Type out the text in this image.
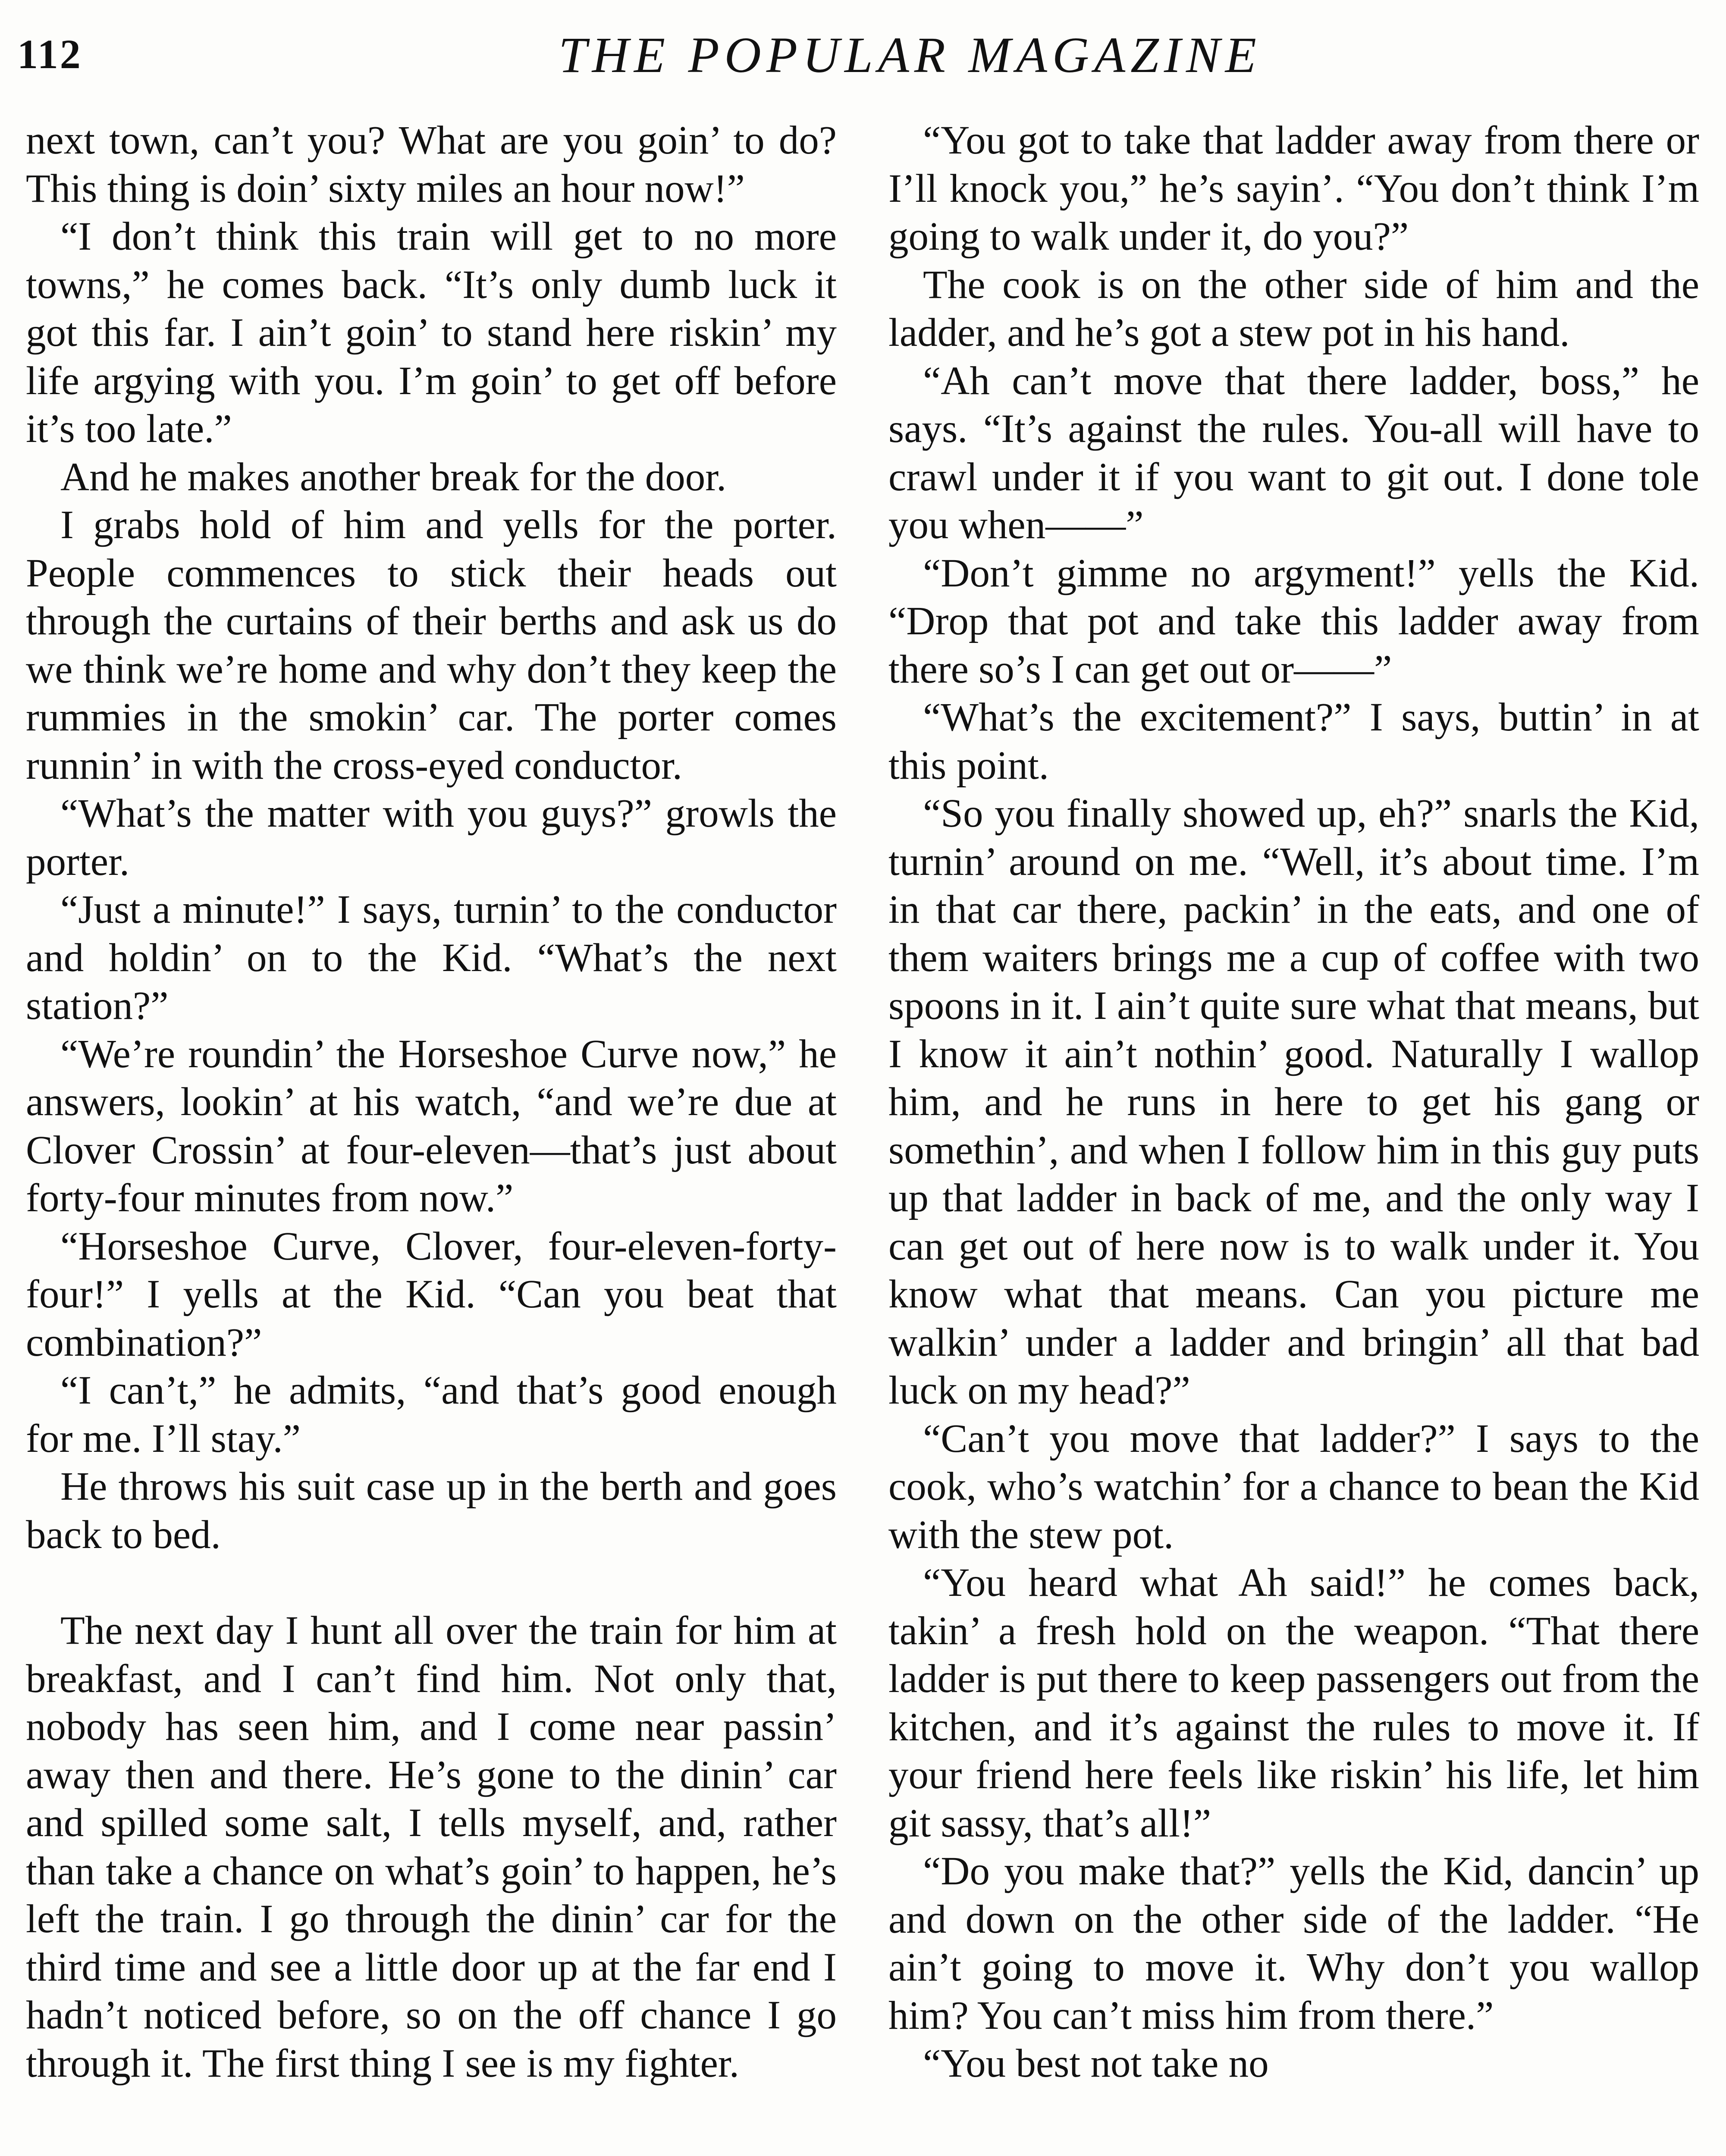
112	THE POPULAR MAGAZINE

next town, can’t you? What are you goin’ to do? This thing is doin’ sixty miles an hour now!”

“I don’t think this train will get to no more towns,” he comes back. “It’s only dumb luck it got this far. I ain’t goin’ to stand here riskin’ my life argying with you. I’m goin’ to get off before it’s too late.”

And he makes another break for the door.

I grabs hold of him and yells for the porter. People commences to stick their heads out through the curtains of their berths and ask us do we think we’re home and why don’t they keep the rummies in the smokin’ car. The porter comes runnin’ in with the cross-eyed conductor.

“What’s the matter with you guys?” growls the porter.

“Just a minute!” I says, turnin’ to the conductor and holdin’ on to the Kid. “What’s the next station?”

“We’re roundin’ the Horseshoe Curve now,” he answers, lookin’ at his watch, “and we’re due at Clover Crossin’ at four-eleven—that’s just about forty-four minutes from now.”

“Horseshoe Curve, Clover, four-eleven-forty-four!” I yells at the Kid. “Can you beat that combination?”

“I can’t,” he admits, “and that’s good enough for me. I’ll stay.”

He throws his suit case up in the berth and goes back to bed.

The next day I hunt all over the train for him at breakfast, and I can’t find him. Not only that, nobody has seen him, and I come near passin’ away then and there. He’s gone to the dinin’ car and spilled some salt, I tells myself, and, rather than take a chance on what’s goin’ to happen, he’s left the train. I go through the dinin’ car for the third time and see a little door up at the far end I hadn’t noticed before, so on the off chance I go through it. The first thing I see is my fighter.

“You got to take that ladder away from there or I’ll knock you,” he’s sayin’. “You don’t think I’m going to walk under it, do you?”

The cook is on the other side of him and the ladder, and he’s got a stew pot in his hand.

“Ah can’t move that there ladder, boss,” he says. “It’s against the rules. You-all will have to crawl under it if you want to git out. I done tole you when——”

“Don’t gimme no argyment!” yells the Kid. “Drop that pot and take this ladder away from there so’s I can get out or——”

“What’s the excitement?” I says, buttin’ in at this point.

“So you finally showed up, eh?” snarls the Kid, turnin’ around on me. “Well, it’s about time. I’m in that car there, packin’ in the eats, and one of them waiters brings me a cup of coffee with two spoons in it. I ain’t quite sure what that means, but I know it ain’t nothin’ good. Naturally I wallop him, and he runs in here to get his gang or somethin’, and when I follow him in this guy puts up that ladder in back of me, and the only way I can get out of here now is to walk under it. You know what that means. Can you picture me walkin’ under a ladder and bringin’ all that bad luck on my head?”

“Can’t you move that ladder?” I says to the cook, who’s watchin’ for a chance to bean the Kid with the stew pot.

“You heard what Ah said!” he comes back, takin’ a fresh hold on the weapon. “That there ladder is put there to keep passengers out from the kitchen, and it’s against the rules to move it. If your friend here feels like riskin’ his life, let him git sassy, that’s all!”

“Do you make that?” yells the Kid, dancin’ up and down on the other side of the ladder. “He ain’t going to move it. Why don’t you wallop him? You can’t miss him from there.”

“You best not take no
